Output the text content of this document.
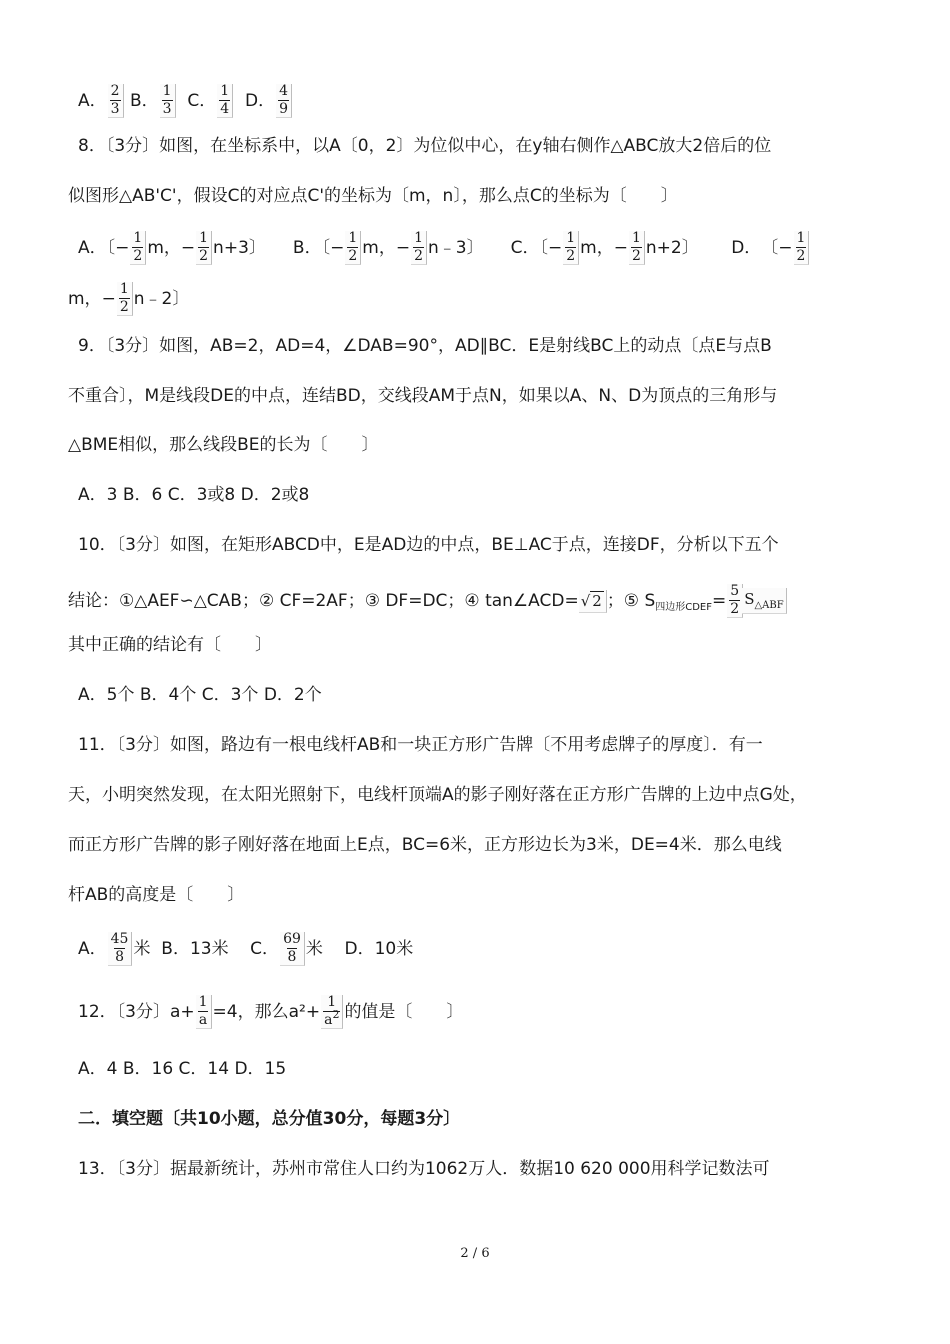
A． $\frac{2}{3}$ B． $\frac{1}{3}$ C． $\frac{1}{4}$ D． $\frac{4}{9}$
8．〔3分〕如图，在坐标系中，以A〔0，2〕为位似中心，在y轴右侧作△ABC放大2倍后的位
似图形△AB'C'，假设C的对应点C'的坐标为〔m，n〕，那么点C的坐标为〔　　〕
A．〔− $\frac{1}{2}$ m，− $\frac{1}{2} n+3$〕 B．〔− $\frac{1}{2}$ m，− $\frac{1}{2}$ n﹣3〕 C．〔− $\frac{1}{2}$ m，− $\frac{1}{2} n+2$〕 D．　〔− $\frac{1}{2}$
m，− $\frac{1}{2}$ n﹣2〕
9．〔3分〕如图，AB=2，AD=4，∠DAB=90°，AD∥BC．E是射线BC上的动点〔点E与点B
不重合〕，M是线段DE的中点，连结BD，交线段AM于点N，如果以A、N、D为顶点的三角形与
△BME相似，那么线段BE的长为〔　　〕
A．3 B．6 C．3或8 D．2或8
10．〔3分〕如图，在矩形ABCD中，E是AD边的中点，BE⊥AC于点，连接DF，分析以下五个
结论：①△AEF∽△CAB；② CF=2AF；③ DF=DC；④ tan∠ACD= √ 2 ；⑤ $S_{四边形CDEF}= \frac{5}{2} S_{\triangle ABF}$
其中正确的结论有〔　　〕
A．5个 B．4个 C．3个 D．2个
11．〔3分〕如图，路边有一根电线杆AB和一块正方形广告牌〔不用考虑牌子的厚度〕．有一
天，小明突然发现，在太阳光照射下，电线杆顶端A的影子刚好落在正方形广告牌的上边中点G处，
而正方形广告牌的影子刚好落在地面上E点，BC=6米，正方形边长为3米，DE=4米．那么电线
杆AB的高度是〔　　〕
A． $\frac{45}{8}$ 米  B．13米    C． $\frac{69}{8}$ 米    D．10米
12．〔3分〕$a+ \frac{1}{a} =4$，那么$a^2+ \frac{1}{a^2}$ 的值是〔　　〕
A．4 B．16 C．14 D．15
二．填空题〔共10小题，总分值30分，每题3分〕
13．〔3分〕据最新统计，苏州市常住人口约为1062万人．数据10 620 000用科学记数法可
2 / 6
